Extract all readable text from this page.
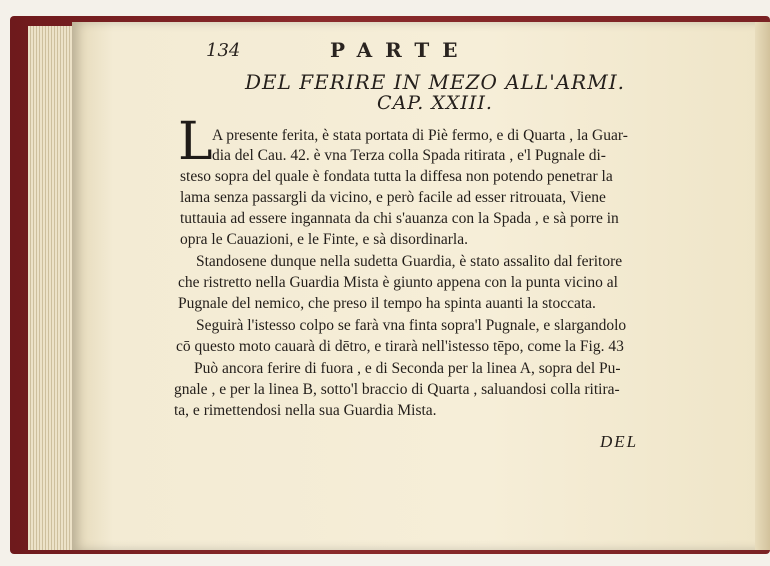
134	PARTE
DEL FERIRE IN MEZO ALL'ARMI.
CAP. XXIII.
L A presente ferita, è stata portata di Piè fermo, e di Quarta , la Guar-
dia del Cau. 42. è vna Terza colla Spada ritirata , e'l Pugnale di-
steso sopra del quale è fondata tutta la diffesa non potendo penetrar la
lama senza passargli da vicino, e però facile ad esser ritrouata, Viene
tuttauia ad essere ingannata da chi s'auanza con la Spada , e sà porre in
opra le Cauazioni, e le Finte, e sà disordinarla.
Standosene dunque nella sudetta Guardia, è stato assalito dal feritore
che ristretto nella Guardia Mista è giunto appena con la punta vicino al
Pugnale del nemico, che preso il tempo ha spinta auanti la stoccata.
Seguirà l'istesso colpo se farà vna finta sopra'l Pugnale, e slargandolo
cō questo moto cauarà di dētro, e tirarà nell'istesso tēpo, come la Fig. 43
Può ancora ferire di fuora , e di Seconda per la linea A, sopra del Pu-
gnale , e per la linea B, sotto'l braccio di Quarta , saluandosi colla ritira-
ta, e rimettendosi nella sua Guardia Mista.
DEL
